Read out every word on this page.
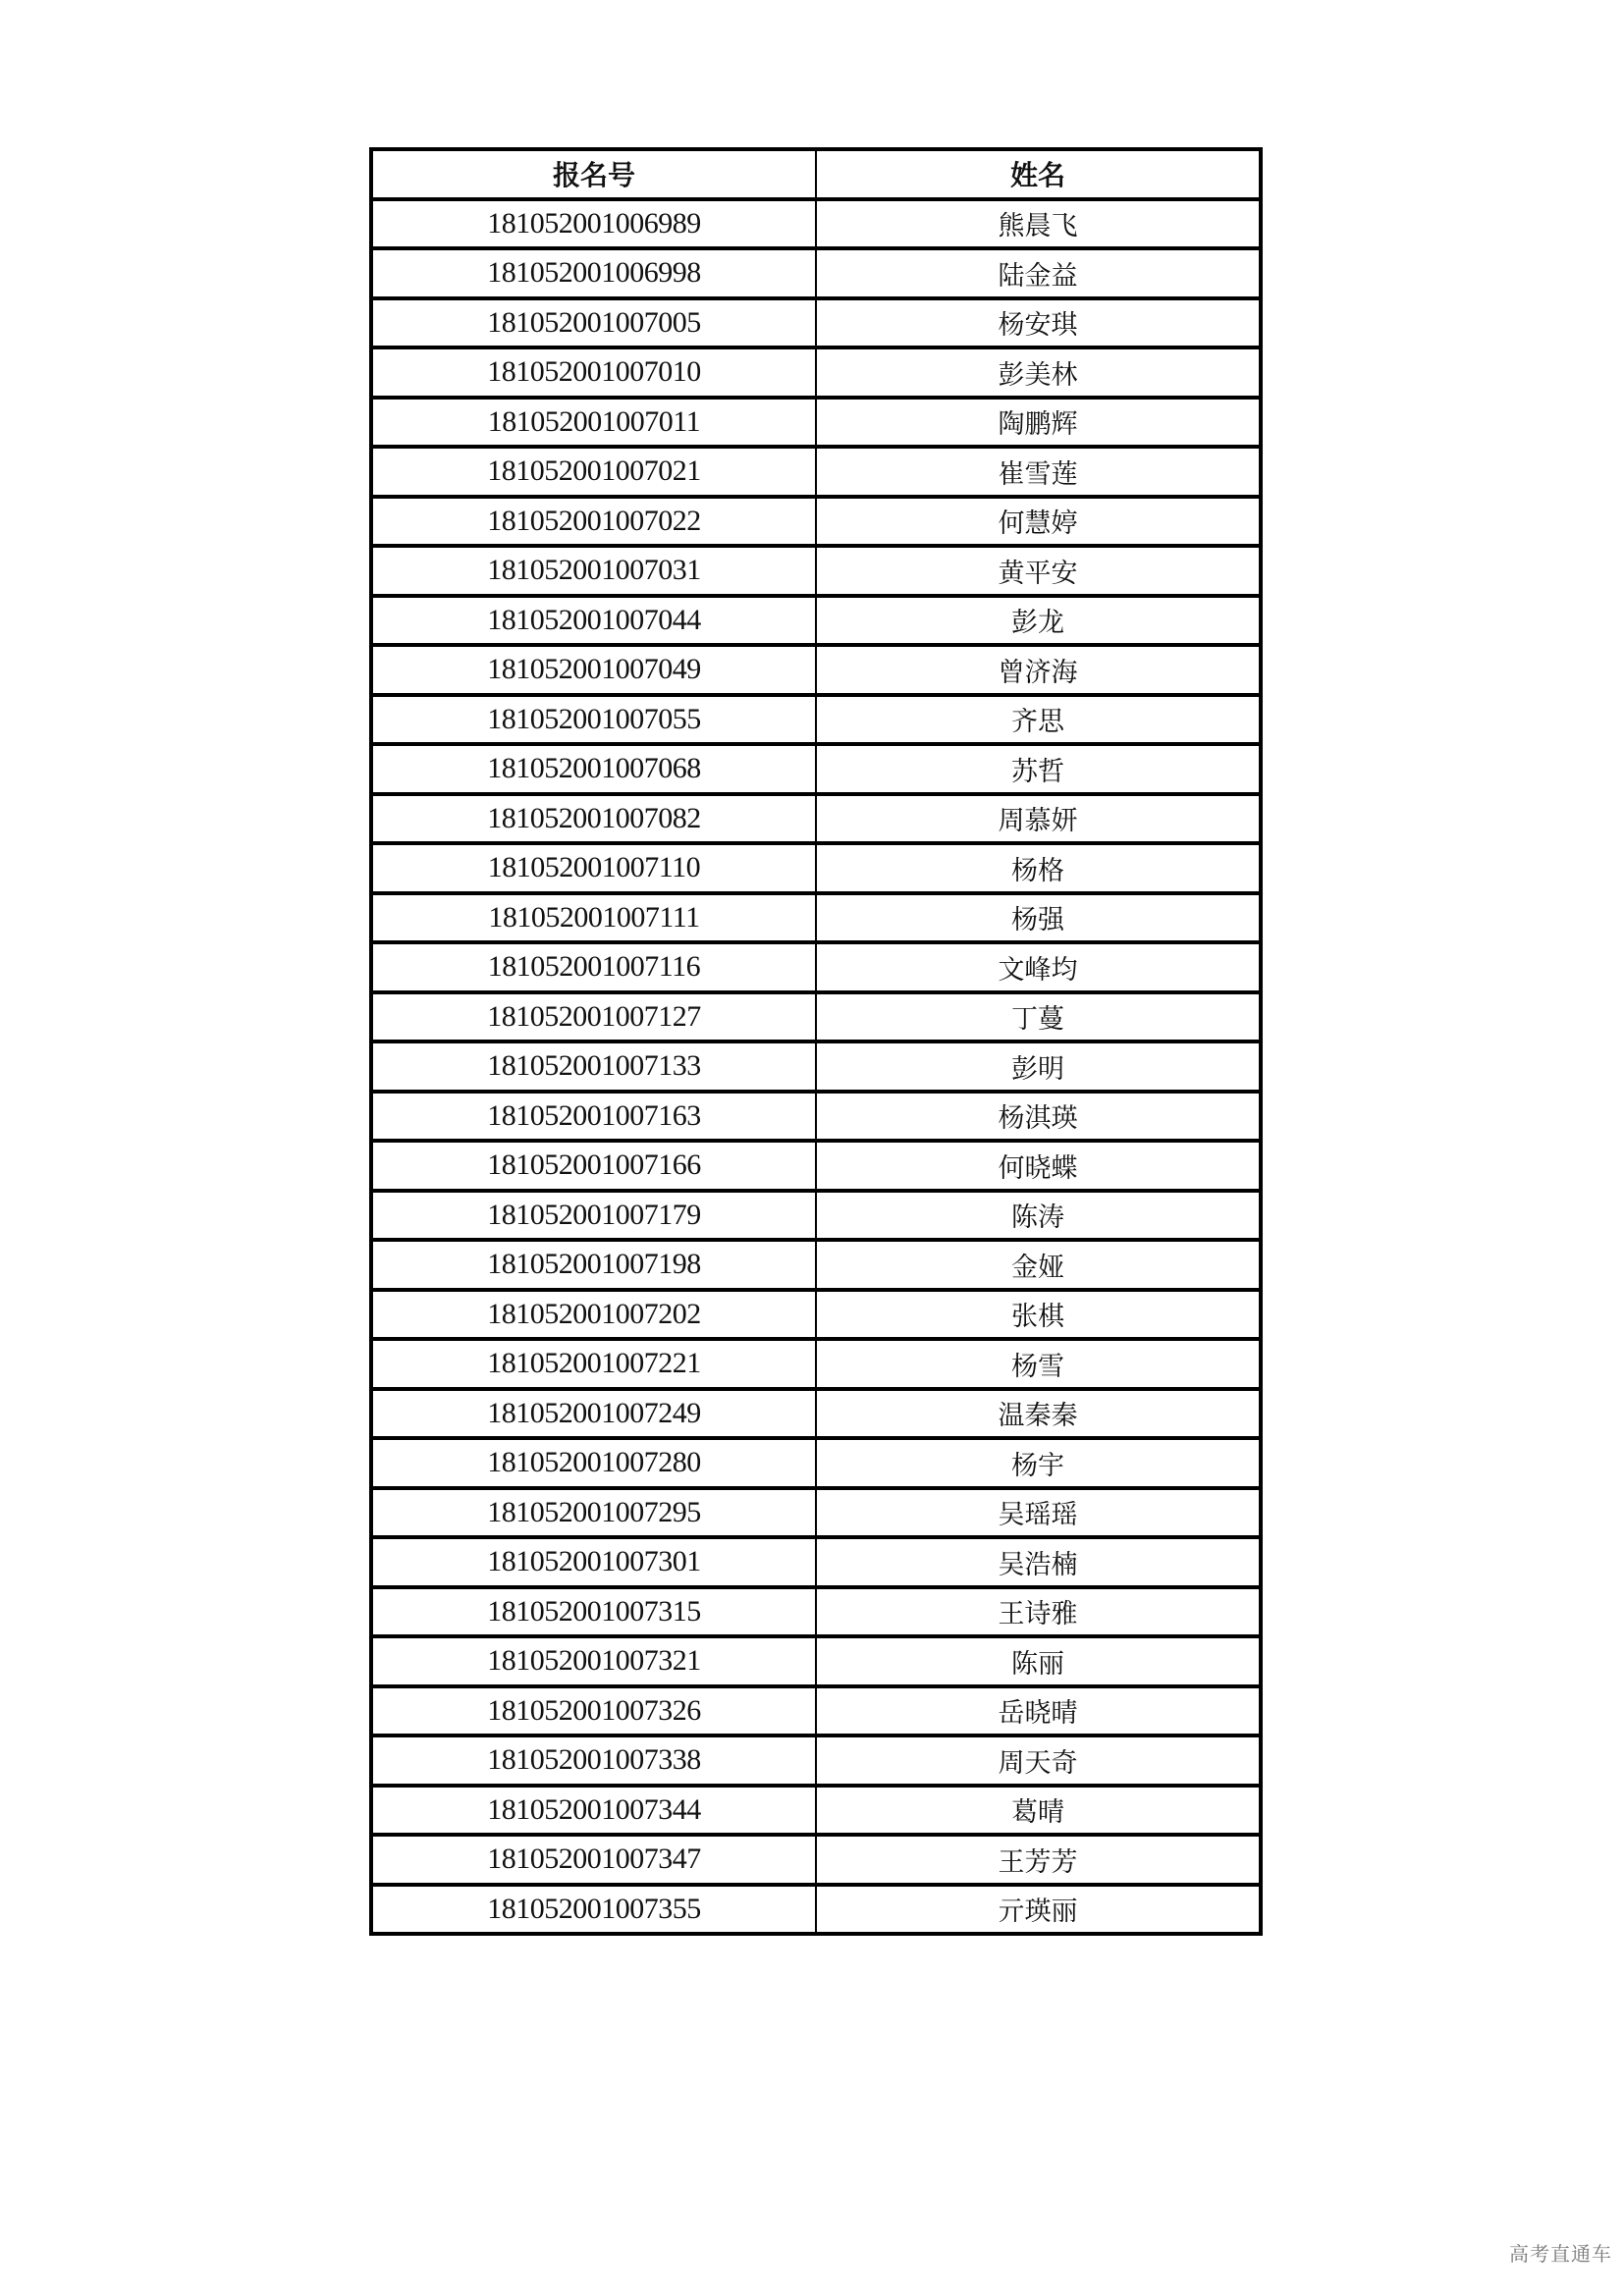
报名号	姓名
181052001006989	熊晨飞
181052001006998	陆金益
181052001007005	杨安琪
181052001007010	彭美林
181052001007011	陶鹏辉
181052001007021	崔雪莲
181052001007022	何慧婷
181052001007031	黄平安
181052001007044	彭龙
181052001007049	曾济海
181052001007055	齐思
181052001007068	苏哲
181052001007082	周慕妍
181052001007110	杨格
181052001007111	杨强
181052001007116	文峰均
181052001007127	丁蔓
181052001007133	彭明
181052001007163	杨淇瑛
181052001007166	何晓蝶
181052001007179	陈涛
181052001007198	金娅
181052001007202	张棋
181052001007221	杨雪
181052001007249	温秦秦
181052001007280	杨宇
181052001007295	吴瑶瑶
181052001007301	吴浩楠
181052001007315	王诗雅
181052001007321	陈丽
181052001007326	岳晓晴
181052001007338	周天奇
181052001007344	葛晴
181052001007347	王芳芳
181052001007355	亓瑛丽
高考直通车
